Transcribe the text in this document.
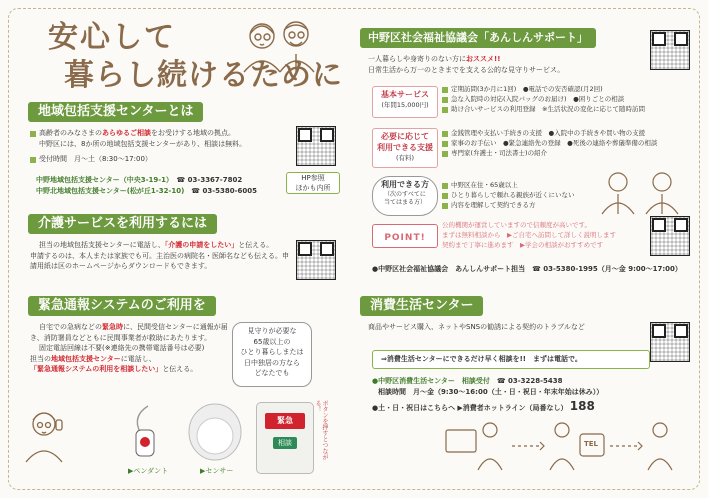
安心して
暮らし続けるために
地域包括支援センターとは
高齢者のみなさまのあらゆるご相談をお受けする地域の拠点。
中野区には、8か所の地域包括支援センターがあり、相談は無料。
受付時間　月～土（8:30～17:00）
中野地域包括支援センター（中央3-19-1）　 ☎ 03-3367-7802
中野北地域包括支援センター(松が丘1-32-10)　 ☎ 03-5380-6005
HP参照
ほかも内所
介護サービスを利用するには
担当の地域包括支援センターに電話し、「介護の申請をしたい」と伝える。
申請するのは、本人または家族でも可。主治医の病院名・医師名なども伝える。申請用紙は区のホームページからダウンロードもできます。
緊急通報システムのご利用を
自宅での急病などの緊急時に、民間受信センターに通報が届き、消防署員などともに民間事業者が救助にあたります。
固定電話回線は不要(※連絡先の携帯電話番号は必要)
担当の地域包括支援センターに電話し、
「緊急通報システムの利用を相談したい」と伝える。
見守りが必要な
65歳以上の
ひとり暮らしまたは
日中独居の方なら
どなたでも
▶ペンダント	▶センサー
緊急
相談	ボタンを押すとつながる！
中野区社会福祉協議会「あんしんサポート」
一人暮らしや身寄りのない方におススメ!!
日常生活から万一のときまでを支える公的な見守りサービス。
基本サービス
(年間15,000円)
定期訪問(3か月に1回)　●電話での安否確認(月2回)
急な入院時の対応(入院バッグのお届け)　●困りごとの相談
助け合いサービスの利用登録　※生活状況の変化に応じて随時訪問
必要に応じて
利用できる支援
(有料)
金銭管理や支払い手続きの支援　●入院中の手続きや買い物の支援
家事のお手伝い　●緊急連絡先の登録　●死後の連絡や葬儀準備の相談
専門家(弁護士・司法書士)の紹介
利用できる方
（次のすべてに
当てはまる方）
中野区在住・65歳以上
ひとり暮らしで頼れる親族が近くにいない
内容を理解して契約できる方
POINT!
公的機関が運営していますので信頼度が高いです。
まずは無料相談から　▶ご自宅へ訪問して詳しく説明します
契約まで丁寧に進めます　▶学会の相談がおすすめです
●中野区社会福祉協議会　あんしんサポート担当　☎ 03-5380-1995（月～金 9:00～17:00）
消費生活センター
商品やサービス購入、ネットやSNSの勧誘による契約のトラブルなど
⇒消費生活センターにできるだけ早く相談を!!　まずは電話で。
●中野区消費生活センター　相談受付　 ☎ 03-3228-5438
相談時間　月～金（9:30～16:00（土・日・祝日・年末年始は休み））
●土・日・祝日はこちらへ ▶消費者ホットライン（局番なし） 188
TEL
